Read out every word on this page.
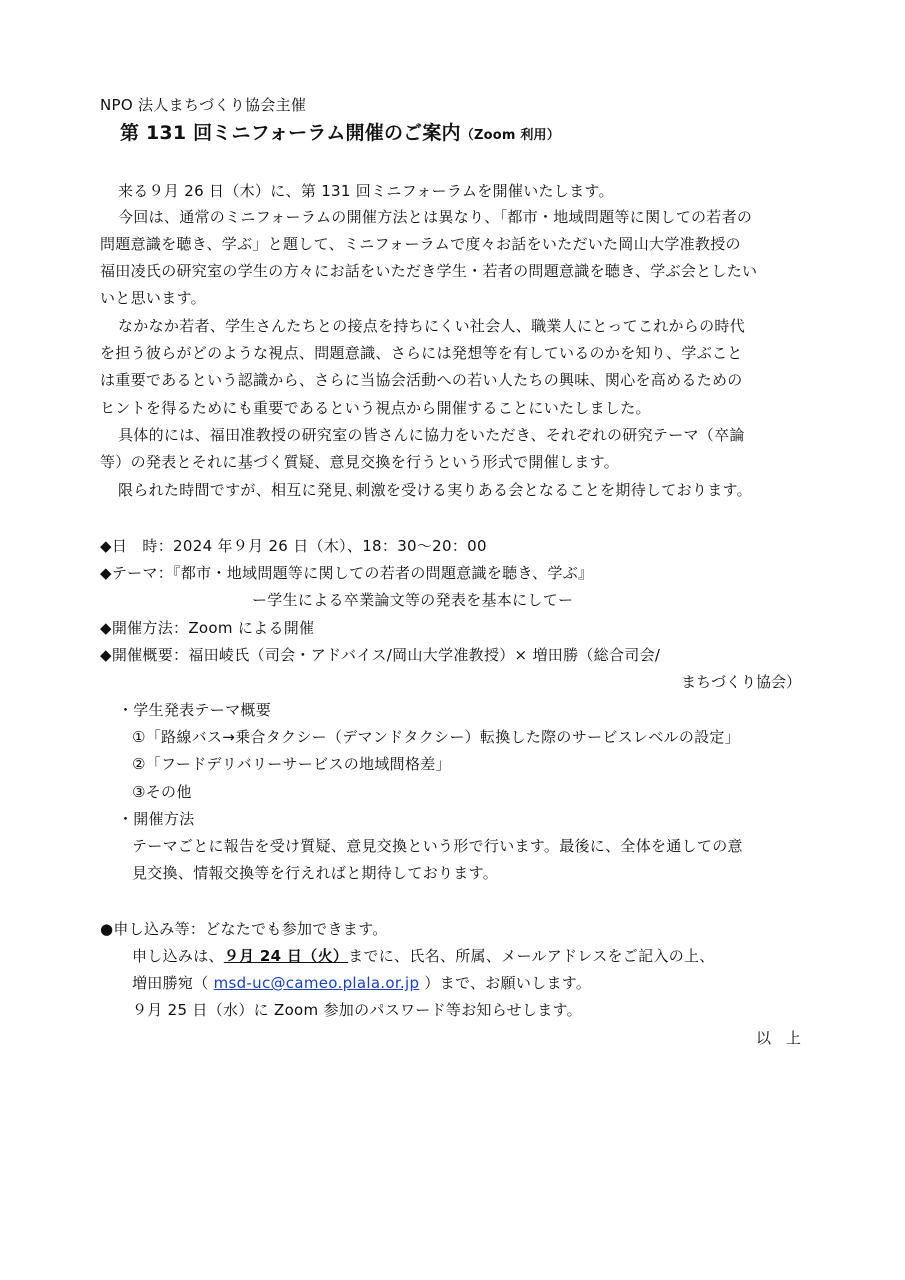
NPO 法人まちづくり協会主催
第 131 回ミニフォーラム開催のご案内（Zoom 利用）
来る９月 26 日（木）に、第 131 回ミニフォーラムを開催いたします。
今回は、通常のミニフォーラムの開催方法とは異なり、「都市・地域問題等に関しての若者の
問題意識を聴き、学ぶ」と題して、ミニフォーラムで度々お話をいただいた岡山大学准教授の
福田凌氏の研究室の学生の方々にお話をいただき学生・若者の問題意識を聴き、学ぶ会としたい
いと思います。
なかなか若者、学生さんたちとの接点を持ちにくい社会人、職業人にとってこれからの時代
を担う彼らがどのような視点、問題意識、さらには発想等を有しているのかを知り、学ぶこと
は重要であるという認識から、さらに当協会活動への若い人たちの興味、関心を高めるための
ヒントを得るためにも重要であるという視点から開催することにいたしました。
具体的には、福田准教授の研究室の皆さんに協力をいただき、それぞれの研究テーマ（卒論
等）の発表とそれに基づく質疑、意見交換を行うという形式で開催します。
限られた時間ですが、相互に発見､刺激を受ける実りある会となることを期待しております。
◆日　時：2024 年９月 26 日（木）、18：30～20：00
◆テーマ：『都市・地域問題等に関しての若者の問題意識を聴き、学ぶ』
ー学生による卒業論文等の発表を基本にしてー
◆開催方法：Zoom による開催
◆開催概要：福田崚氏（司会・アドバイス/岡山大学准教授）× 増田勝（総合司会/
まちづくり協会）
・学生発表テーマ概要
①「路線バス→乗合タクシー（デマンドタクシー）転換した際のサービスレベルの設定」
②「フードデリバリーサービスの地域間格差」
③その他
・開催方法
テーマごとに報告を受け質疑、意見交換という形で行います。最後に、全体を通しての意
見交換、情報交換等を行えればと期待しております。
●申し込み等：どなたでも参加できます。
申し込みは、９月 24 日（火）までに、氏名、所属、メールアドレスをご記入の上、
増田勝宛（ msd-uc@cameo.plala.or.jp ）まで、お願いします。
９月 25 日（水）に Zoom 参加のパスワード等お知らせします。
以　上
